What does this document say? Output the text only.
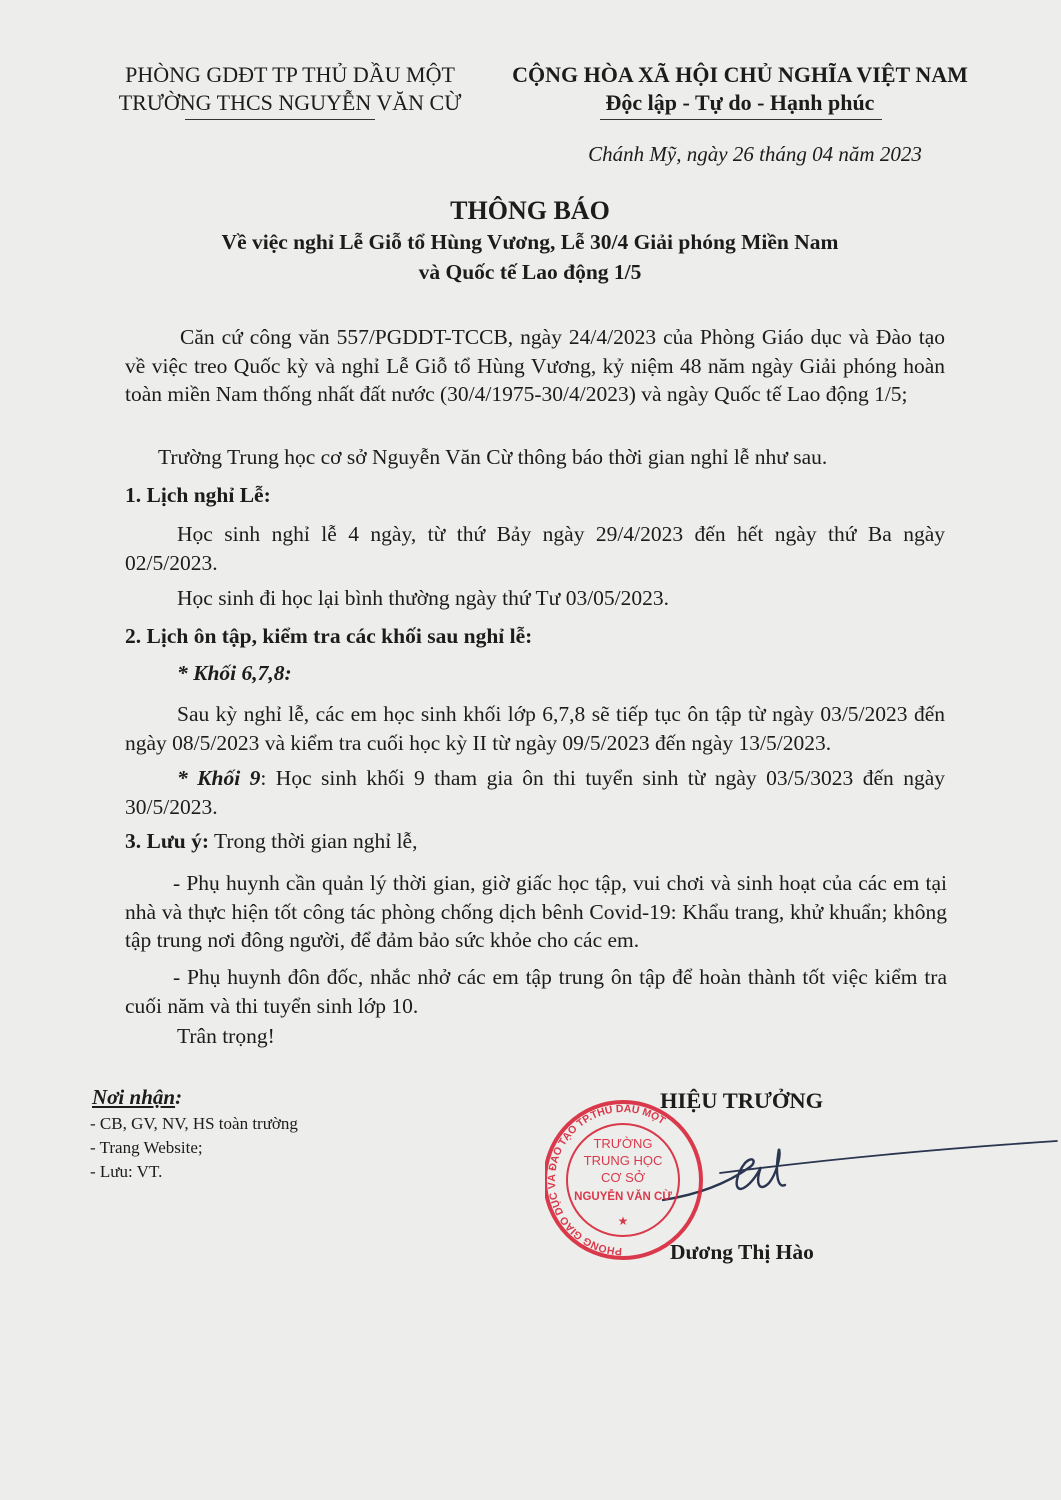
PHÒNG GDĐT TP THỦ DẦU MỘT
TRƯỜNG THCS NGUYỄN VĂN CỪ
CỘNG HÒA XÃ HỘI CHỦ NGHĨA VIỆT NAM
Độc lập - Tự do - Hạnh phúc
Chánh Mỹ, ngày 26 tháng 04 năm 2023
THÔNG BÁO
Về việc nghỉ Lễ Giỗ tổ Hùng Vương, Lễ 30/4 Giải phóng Miền Nam
và Quốc tế Lao động 1/5
Căn cứ công văn 557/PGDDT-TCCB, ngày 24/4/2023 của Phòng Giáo dục và Đào tạo về việc treo Quốc kỳ và nghỉ Lễ Giỗ tổ Hùng Vương, kỷ niệm 48 năm ngày Giải phóng hoàn toàn miền Nam thống nhất đất nước (30/4/1975-30/4/2023) và ngày Quốc tế Lao động 1/5;
Trường Trung học cơ sở Nguyễn Văn Cừ thông báo thời gian nghỉ lễ như sau.
1. Lịch nghỉ Lễ:
Học sinh nghỉ lễ 4 ngày, từ thứ Bảy ngày 29/4/2023 đến hết ngày thứ Ba ngày 02/5/2023.
Học sinh đi học lại bình thường ngày thứ Tư 03/05/2023.
2. Lịch ôn tập, kiểm tra các khối sau nghỉ lễ:
* Khối 6,7,8:
Sau kỳ nghỉ lễ, các em học sinh khối lớp 6,7,8 sẽ tiếp tục ôn tập từ ngày 03/5/2023 đến ngày 08/5/2023 và kiểm tra cuối học kỳ II từ ngày 09/5/2023 đến ngày 13/5/2023.
* Khối 9: Học sinh khối 9 tham gia ôn thi tuyển sinh từ ngày 03/5/3023 đến ngày 30/5/2023.
3. Lưu ý: Trong thời gian nghỉ lễ,
- Phụ huynh cần quản lý thời gian, giờ giấc học tập, vui chơi và sinh hoạt của các em tại nhà và thực hiện tốt công tác phòng chống dịch bênh Covid-19: Khẩu trang, khử khuẩn; không tập trung nơi đông người, để đảm bảo sức khỏe cho các em.
- Phụ huynh đôn đốc, nhắc nhở các em tập trung ôn tập để hoàn thành tốt việc kiểm tra cuối năm và thi tuyển sinh lớp 10.
Trân trọng!
Nơi nhận:
- CB, GV, NV, HS toàn trường
- Trang Website;
- Lưu: VT.
HIỆU TRƯỞNG
PHÒNG GIÁO DỤC VÀ ĐÀO TẠO TP.THỦ DẦU MỘT
TRƯỜNG
TRUNG HỌC
CƠ SỞ
NGUYỄN VĂN CỪ
★
Dương Thị Hào
